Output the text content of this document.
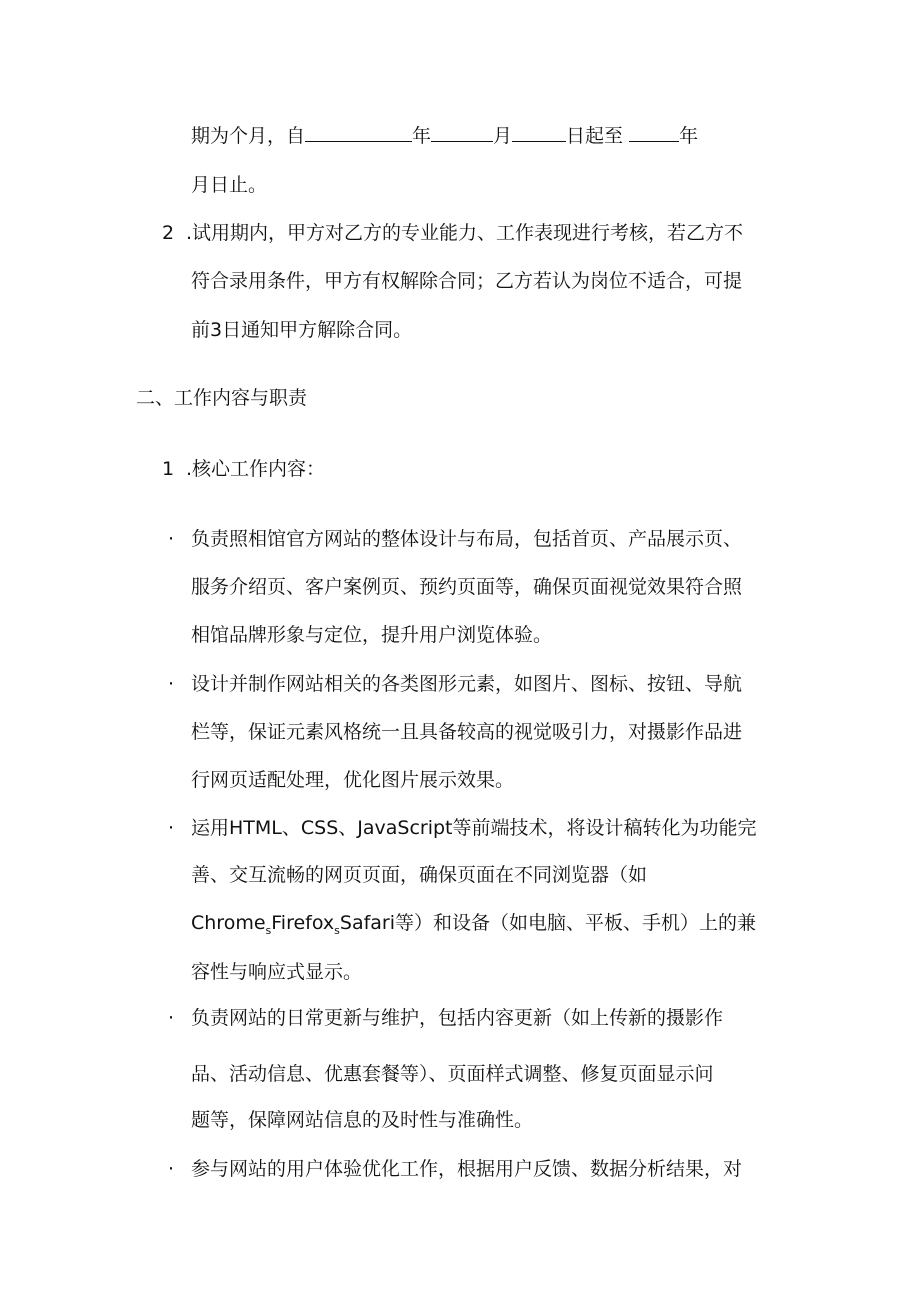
期为个月，自	年	月	日起至	年
月日止。
2 .试用期内，甲方对乙方的专业能力、工作表现进行考核，若乙方不
符合录用条件，甲方有权解除合同；乙方若认为岗位不适合，可提
前3日通知甲方解除合同。
二、工作内容与职责
1 .核心工作内容：
· 负责照相馆官方网站的整体设计与布局，包括首页、产品展示页、
服务介绍页、客户案例页、预约页面等，确保页面视觉效果符合照
相馆品牌形象与定位，提升用户浏览体验。
· 设计并制作网站相关的各类图形元素，如图片、图标、按钮、导航
栏等，保证元素风格统一且具备较高的视觉吸引力，对摄影作品进
行网页适配处理，优化图片展示效果。
· 运用HTML、CSS、JavaScript等前端技术，将设计稿转化为功能完
善、交互流畅的网页页面，确保页面在不同浏览器（如
Chrome$_s$Firefox$_s$Safari等）和设备（如电脑、平板、手机）上的兼
容性与响应式显示。
· 负责网站的日常更新与维护，包括内容更新（如上传新的摄影作
品、活动信息、优惠套餐等）、页面样式调整、修复页面显示问
题等，保障网站信息的及时性与准确性。
· 参与网站的用户体验优化工作，根据用户反馈、数据分析结果，对
